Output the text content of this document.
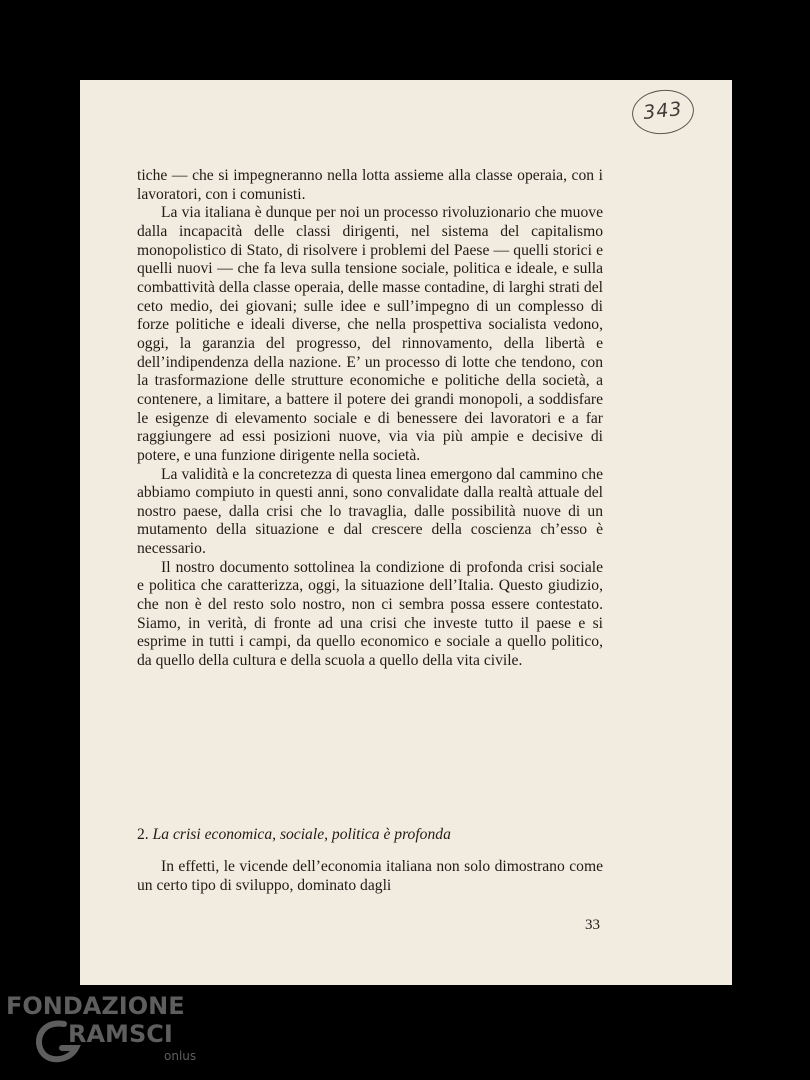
343

tiche — che si impegneranno nella lotta assieme alla classe operaia, con i lavoratori, con i comunisti.

La via italiana è dunque per noi un processo rivoluzionario che muove dalla incapacità delle classi dirigenti, nel sistema del capitalismo monopolistico di Stato, di risolvere i problemi del Paese — quelli storici e quelli nuovi — che fa leva sulla tensione sociale, politica e ideale, e sulla combattività della classe operaia, delle masse contadine, di larghi strati del ceto medio, dei giovani; sulle idee e sull’impegno di un complesso di forze politiche e ideali diverse, che nella prospettiva socialista vedono, oggi, la garanzia del progresso, del rinnovamento, della libertà e dell’indipendenza della nazione. E’ un processo di lotte che tendono, con la trasformazione delle strutture economiche e politiche della società, a contenere, a limitare, a battere il potere dei grandi monopoli, a soddisfare le esigenze di elevamento sociale e di benessere dei lavoratori e a far raggiungere ad essi posizioni nuove, via via più ampie e decisive di potere, e una funzione dirigente nella società.

La validità e la concretezza di questa linea emergono dal cammino che abbiamo compiuto in questi anni, sono convalidate dalla realtà attuale del nostro paese, dalla crisi che lo travaglia, dalle possibilità nuove di un mutamento della situazione e dal crescere della coscienza ch’esso è necessario.

Il nostro documento sottolinea la condizione di profonda crisi sociale e politica che caratterizza, oggi, la situazione dell’Italia. Questo giudizio, che non è del resto solo nostro, non ci sembra possa essere contestato. Siamo, in verità, di fronte ad una crisi che investe tutto il paese e si esprime in tutti i campi, da quello economico e sociale a quello politico, da quello della cultura e della scuola a quello della vita civile.

2. La crisi economica, sociale, politica è profonda

In effetti, le vicende dell’economia italiana non solo dimostrano come un certo tipo di sviluppo, dominato dagli

33
FONDAZIONE
RAMSCI
onlus
